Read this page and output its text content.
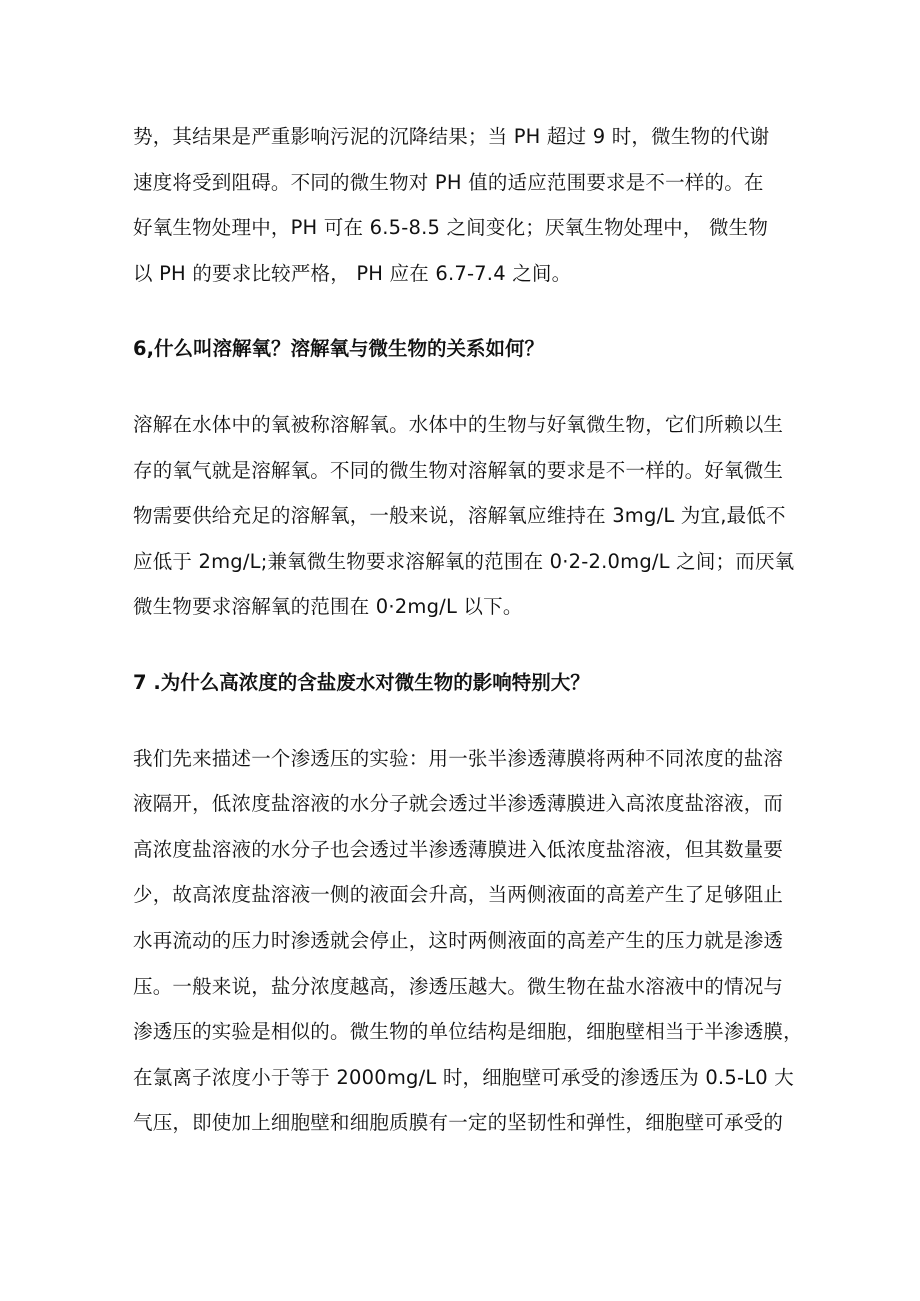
势，其结果是严重影响污泥的沉降结果；当 PH 超过 9 时，微生物的代谢
速度将受到阻碍。不同的微生物对 PH 值的适应范围要求是不一样的。在
好氧生物处理中，PH 可在 6.5-8.5 之间变化；厌氧生物处理中， 微生物
以 PH 的要求比较严格， PH 应在 6.7-7.4 之间。
6,什么叫溶解氧？溶解氧与微生物的关系如何？
溶解在水体中的氧被称溶解氧。水体中的生物与好氧微生物，它们所赖以生
存的氧气就是溶解氧。不同的微生物对溶解氧的要求是不一样的。好氧微生
物需要供给充足的溶解氧，一般来说，溶解氧应维持在 3mg∕L 为宜,最低不
应低于 2mg∕L;兼氧微生物要求溶解氧的范围在 0·2-2.0mg∕L 之间；而厌氧
微生物要求溶解氧的范围在 0·2mg∕L 以下。
7 .为什么高浓度的含盐废水对微生物的影响特别大？
我们先来描述一个渗透压的实验：用一张半渗透薄膜将两种不同浓度的盐溶
液隔开，低浓度盐溶液的水分子就会透过半渗透薄膜进入高浓度盐溶液，而
高浓度盐溶液的水分子也会透过半渗透薄膜进入低浓度盐溶液，但其数量要
少，故高浓度盐溶液一侧的液面会升高，当两侧液面的高差产生了足够阻止
水再流动的压力时渗透就会停止，这时两侧液面的高差产生的压力就是渗透
压。一般来说，盐分浓度越高，渗透压越大。微生物在盐水溶液中的情况与
渗透压的实验是相似的。微生物的单位结构是细胞，细胞壁相当于半渗透膜，
在氯离子浓度小于等于 2000mg∕L 时，细胞壁可承受的渗透压为 0.5-L0 大
气压，即使加上细胞壁和细胞质膜有一定的坚韧性和弹性，细胞壁可承受的
